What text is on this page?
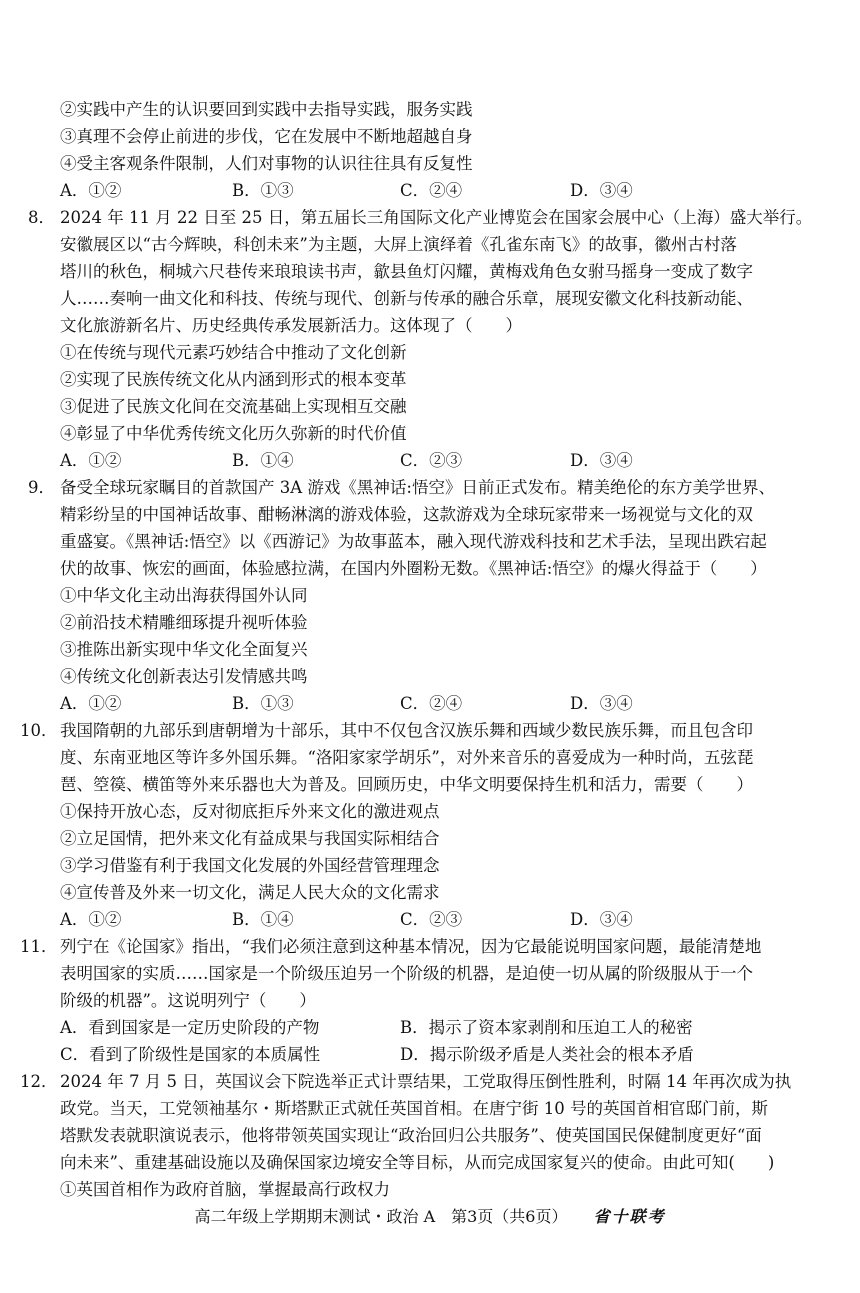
②实践中产生的认识要回到实践中去指导实践，服务实践
③真理不会停止前进的步伐，它在发展中不断地超越自身
④受主客观条件限制，人们对事物的认识往往具有反复性
A．①②	B．①③	C．②④	D．③④
8． 2024 年 11 月 22 日至 25 日，第五届长三角国际文化产业博览会在国家会展中心（上海）盛大举行。
安徽展区以“古今辉映，科创未来”为主题，大屏上演绎着《孔雀东南飞》的故事，徽州古村落
塔川的秋色，桐城六尺巷传来琅琅读书声，歙县鱼灯闪耀，黄梅戏角色女驸马摇身一变成了数字
人……奏响一曲文化和科技、传统与现代、创新与传承的融合乐章，展现安徽文化科技新动能、
文化旅游新名片、历史经典传承发展新活力。这体现了（　　）
①在传统与现代元素巧妙结合中推动了文化创新
②实现了民族传统文化从内涵到形式的根本变革
③促进了民族文化间在交流基础上实现相互交融
④彰显了中华优秀传统文化历久弥新的时代价值
A．①②	B．①④	C．②③	D．③④
9． 备受全球玩家瞩目的首款国产 3A 游戏《黑神话:悟空》日前正式发布。精美绝伦的东方美学世界、
精彩纷呈的中国神话故事、酣畅淋漓的游戏体验，这款游戏为全球玩家带来一场视觉与文化的双
重盛宴。《黑神话:悟空》以《西游记》为故事蓝本，融入现代游戏科技和艺术手法，呈现出跌宕起
伏的故事、恢宏的画面，体验感拉满，在国内外圈粉无数。《黑神话:悟空》的爆火得益于（　　）
①中华文化主动出海获得国外认同
②前沿技术精雕细琢提升视听体验
③推陈出新实现中华文化全面复兴
④传统文化创新表达引发情感共鸣
A．①②	B．①③	C．②④	D．③④
10． 我国隋朝的九部乐到唐朝增为十部乐，其中不仅包含汉族乐舞和西域少数民族乐舞，而且包含印
度、东南亚地区等许多外国乐舞。“洛阳家家学胡乐”，对外来音乐的喜爱成为一种时尚，五弦琵
琶、箜篌、横笛等外来乐器也大为普及。回顾历史，中华文明要保持生机和活力，需要（　　）
①保持开放心态，反对彻底拒斥外来文化的激进观点
②立足国情，把外来文化有益成果与我国实际相结合
③学习借鉴有利于我国文化发展的外国经营管理理念
④宣传普及外来一切文化，满足人民大众的文化需求
A．①②	B．①④	C．②③	D．③④
11． 列宁在《论国家》指出，“我们必须注意到这种基本情况，因为它最能说明国家问题，最能清楚地
表明国家的实质……国家是一个阶级压迫另一个阶级的机器，是迫使一切从属的阶级服从于一个
阶级的机器”。这说明列宁（　　）
A．看到国家是一定历史阶段的产物	B．揭示了资本家剥削和压迫工人的秘密
C．看到了阶级性是国家的本质属性	D．揭示阶级矛盾是人类社会的根本矛盾
12． 2024 年 7 月 5 日，英国议会下院选举正式计票结果，工党取得压倒性胜利，时隔 14 年再次成为执
政党。当天，工党领袖基尔・斯塔默正式就任英国首相。在唐宁街 10 号的英国首相官邸门前，斯
塔默发表就职演说表示，他将带领英国实现让“政治回归公共服务”、使英国国民保健制度更好“面
向未来”、重建基础设施以及确保国家边境安全等目标，从而完成国家复兴的使命。由此可知(　　)
①英国首相作为政府首脑，掌握最高行政权力
高二年级上学期期末测试・政治 A　第3页（共6页） 省十联考
